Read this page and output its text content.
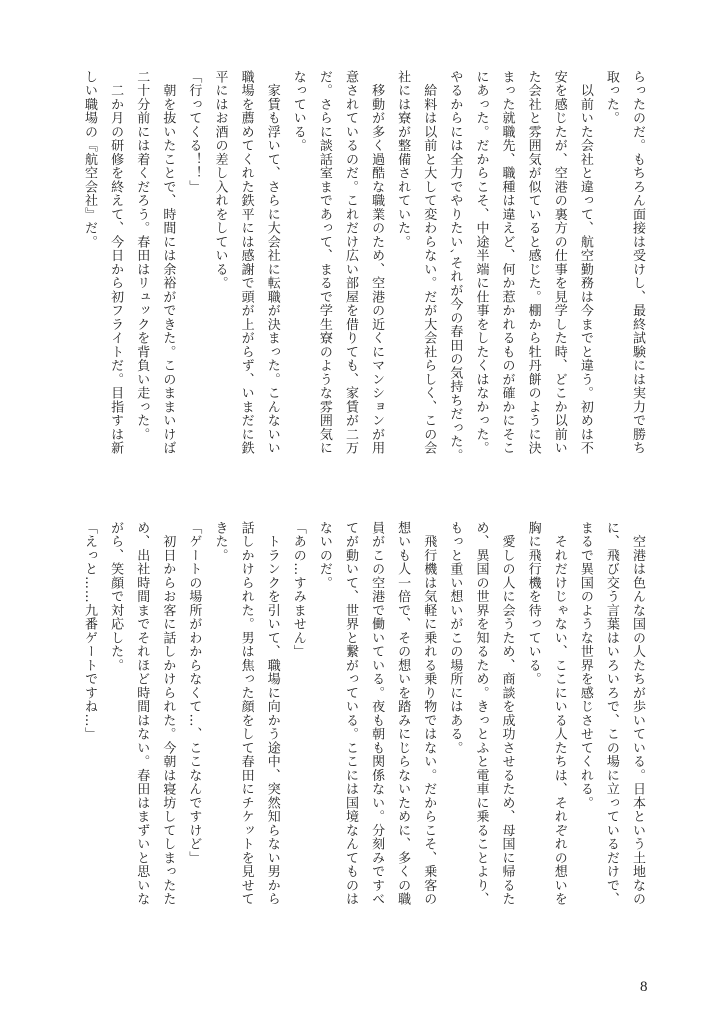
らったのだ。もちろん面接は受けし、最終試験には実力で勝ち

取った。

　以前いた会社と違って、航空勤務は今までと違う。初めは不

安を感じたが、空港の裏方の仕事を見学した時、どこか以前い

た会社と雰囲気が似ていると感じた。棚から牡丹餅のように決

まった就職先、職種は違えど、何か惹かれるものが確かにそこ

にあった。だからこそ、中途半端に仕事をしたくはなかった。

やるからには全力でやりたい､それが今の春田の気持ちだった。

　給料は以前と大して変わらない。だが大会社らしく、この会

社には寮が整備されていた。

　移動が多く過酷な職業のため、空港の近くにマンションが用

意されているのだ。これだけ広い部屋を借りても、家賃が二万

だ。さらに談話室まであって、まるで学生寮のような雰囲気に

なっている。

　家賃も浮いて、さらに大会社に転職が決まった。こんないい

職場を薦めてくれた鉄平には感謝で頭が上がらず、いまだに鉄

平にはお酒の差し入れをしている。

「行ってくる！！」

　朝を抜いたことで、時間には余裕ができた。このままいけば

二十分前には着くだろう。春田はリュックを背負い走った。

　二か月の研修を終えて、今日から初フライトだ。目指すは新

しい職場の『航空会社』だ。

　空港は色んな国の人たちが歩いている。日本という土地なの

に、飛び交う言葉はいろいろで、この場に立っているだけで、

まるで異国のような世界を感じさせてくれる。

　それだけじゃない、ここにいる人たちは、それぞれの想いを

胸に飛行機を待っている。

　愛しの人に会うため、商談を成功させるため、母国に帰るた

め、異国の世界を知るため。きっとふと電車に乗ることより、

もっと重い想いがこの場所にはある。

　飛行機は気軽に乗れる乗り物ではない。だからこそ、乗客の

想いも人一倍で、その想いを踏みにじらないために、多くの職

員がこの空港で働いている。夜も朝も関係ない。分刻みですべ

てが動いて、世界と繋がっている。ここには国境なんてものは

ないのだ。

「あの…すみません」

　トランクを引いて、職場に向かう途中、突然知らない男から

話しかけられた。男は焦った顔をして春田にチケットを見せて

きた。

「ゲートの場所がわからなくて…、ここなんですけど」

　初日からお客に話しかけられた。今朝は寝坊してしまったた

め、出社時間までそれほど時間はない。春田はまずいと思いな

がら、笑顔で対応した。

「えっと……九番ゲートですね…」

8
